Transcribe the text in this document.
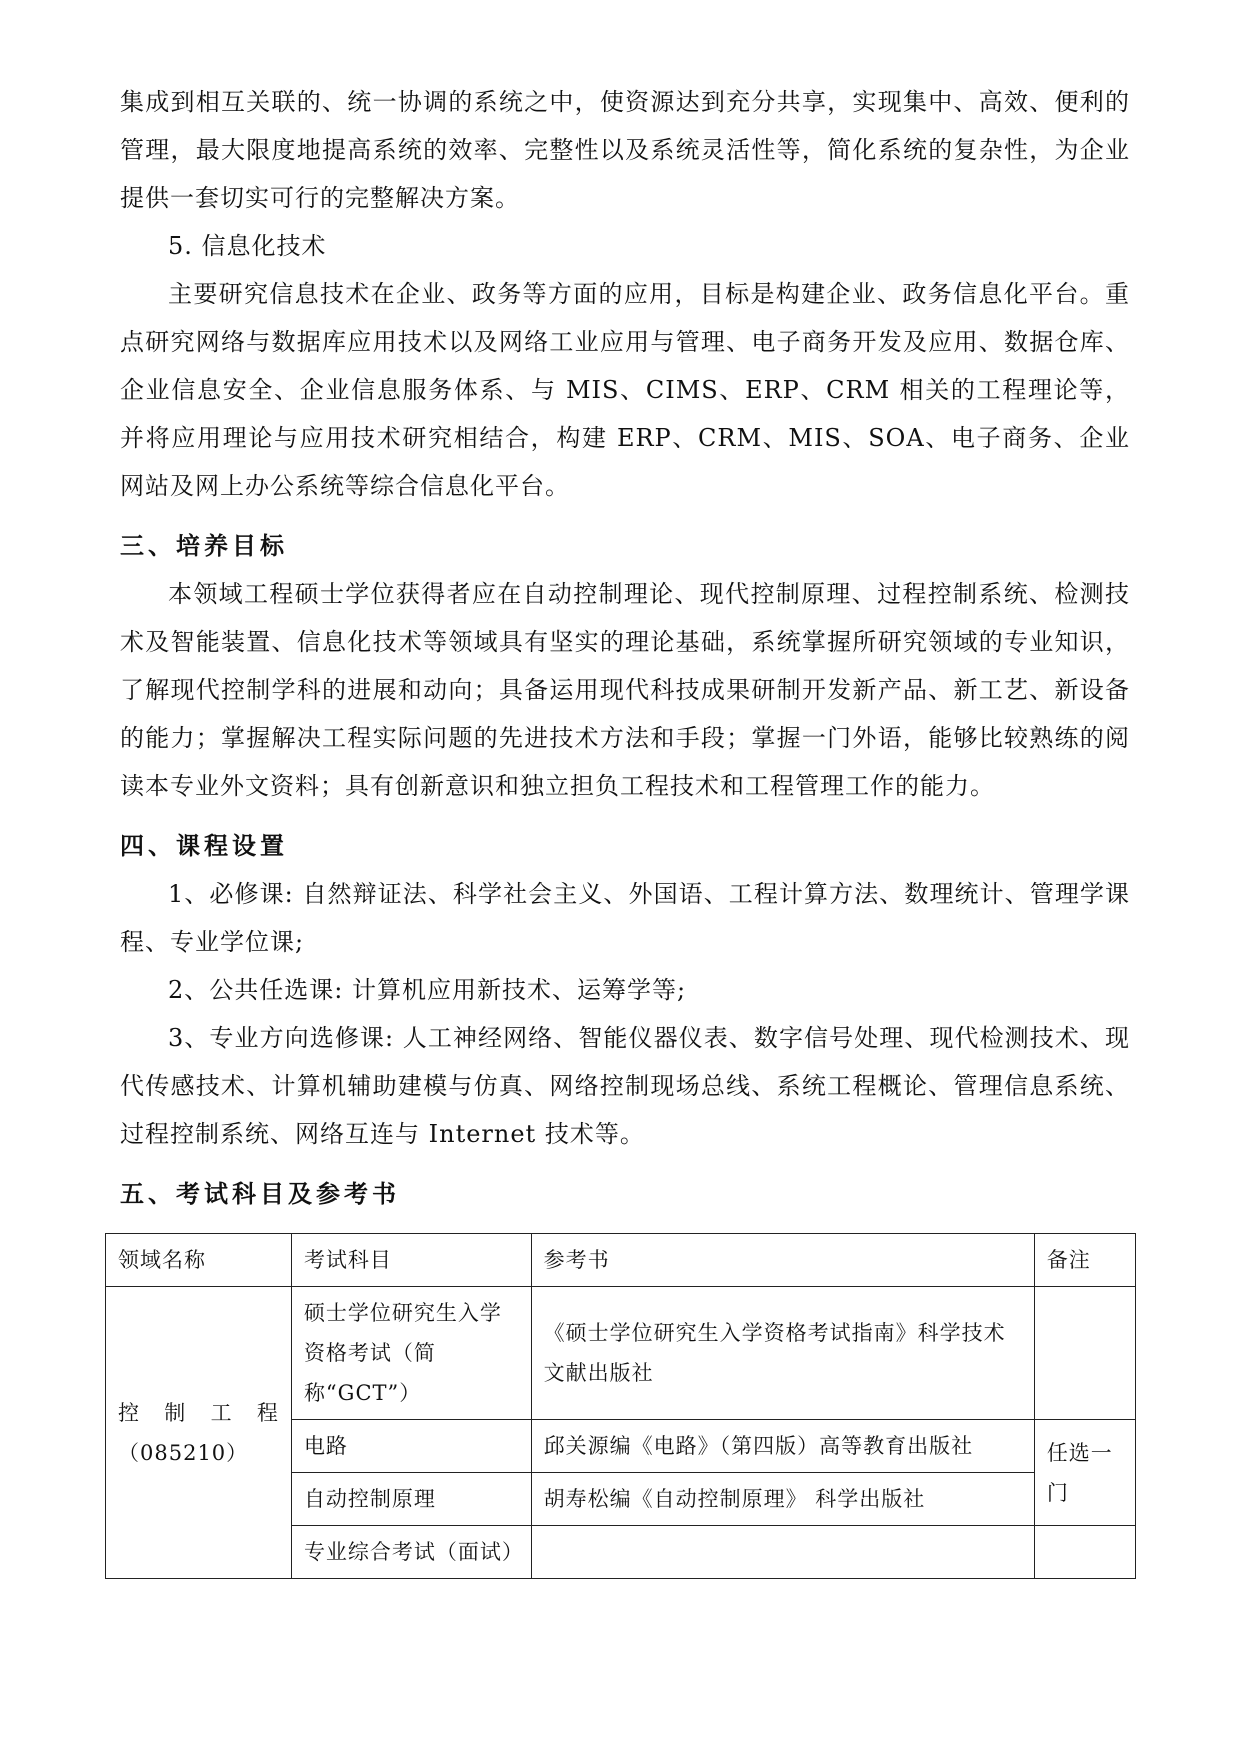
集成到相互关联的、统一协调的系统之中，使资源达到充分共享，实现集中、高效、便利的管理，最大限度地提高系统的效率、完整性以及系统灵活性等，简化系统的复杂性，为企业提供一套切实可行的完整解决方案。

5. 信息化技术

主要研究信息技术在企业、政务等方面的应用，目标是构建企业、政务信息化平台。重点研究网络与数据库应用技术以及网络工业应用与管理、电子商务开发及应用、数据仓库、企业信息安全、企业信息服务体系、与 MIS、CIMS、ERP、CRM 相关的工程理论等，并将应用理论与应用技术研究相结合，构建 ERP、CRM、MIS、SOA、电子商务、企业网站及网上办公系统等综合信息化平台。

三、培养目标

本领域工程硕士学位获得者应在自动控制理论、现代控制原理、过程控制系统、检测技术及智能装置、信息化技术等领域具有坚实的理论基础，系统掌握所研究领域的专业知识，了解现代控制学科的进展和动向；具备运用现代科技成果研制开发新产品、新工艺、新设备的能力；掌握解决工程实际问题的先进技术方法和手段；掌握一门外语，能够比较熟练的阅读本专业外文资料；具有创新意识和独立担负工程技术和工程管理工作的能力。

四、课程设置

1、必修课: 自然辩证法、科学社会主义、外国语、工程计算方法、数理统计、管理学课程、专业学位课;

2、公共任选课: 计算机应用新技术、运筹学等;

3、专业方向选修课: 人工神经网络、智能仪器仪表、数字信号处理、现代检测技术、现代传感技术、计算机辅助建模与仿真、网络控制现场总线、系统工程概论、管理信息系统、过程控制系统、网络互连与 Internet 技术等。

五、考试科目及参考书
领域名称	考试科目	参考书	备注

控 制 工 程
（085210）	硕士学位研究生入学资格考试（简称“GCT”）	《硕士学位研究生入学资格考试指南》科学技术文献出版社	
	电路	邱关源编《电路》（第四版）高等教育出版社	任选一门
	自动控制原理	胡寿松编《自动控制原理》 科学出版社	
	专业综合考试（面试）		
